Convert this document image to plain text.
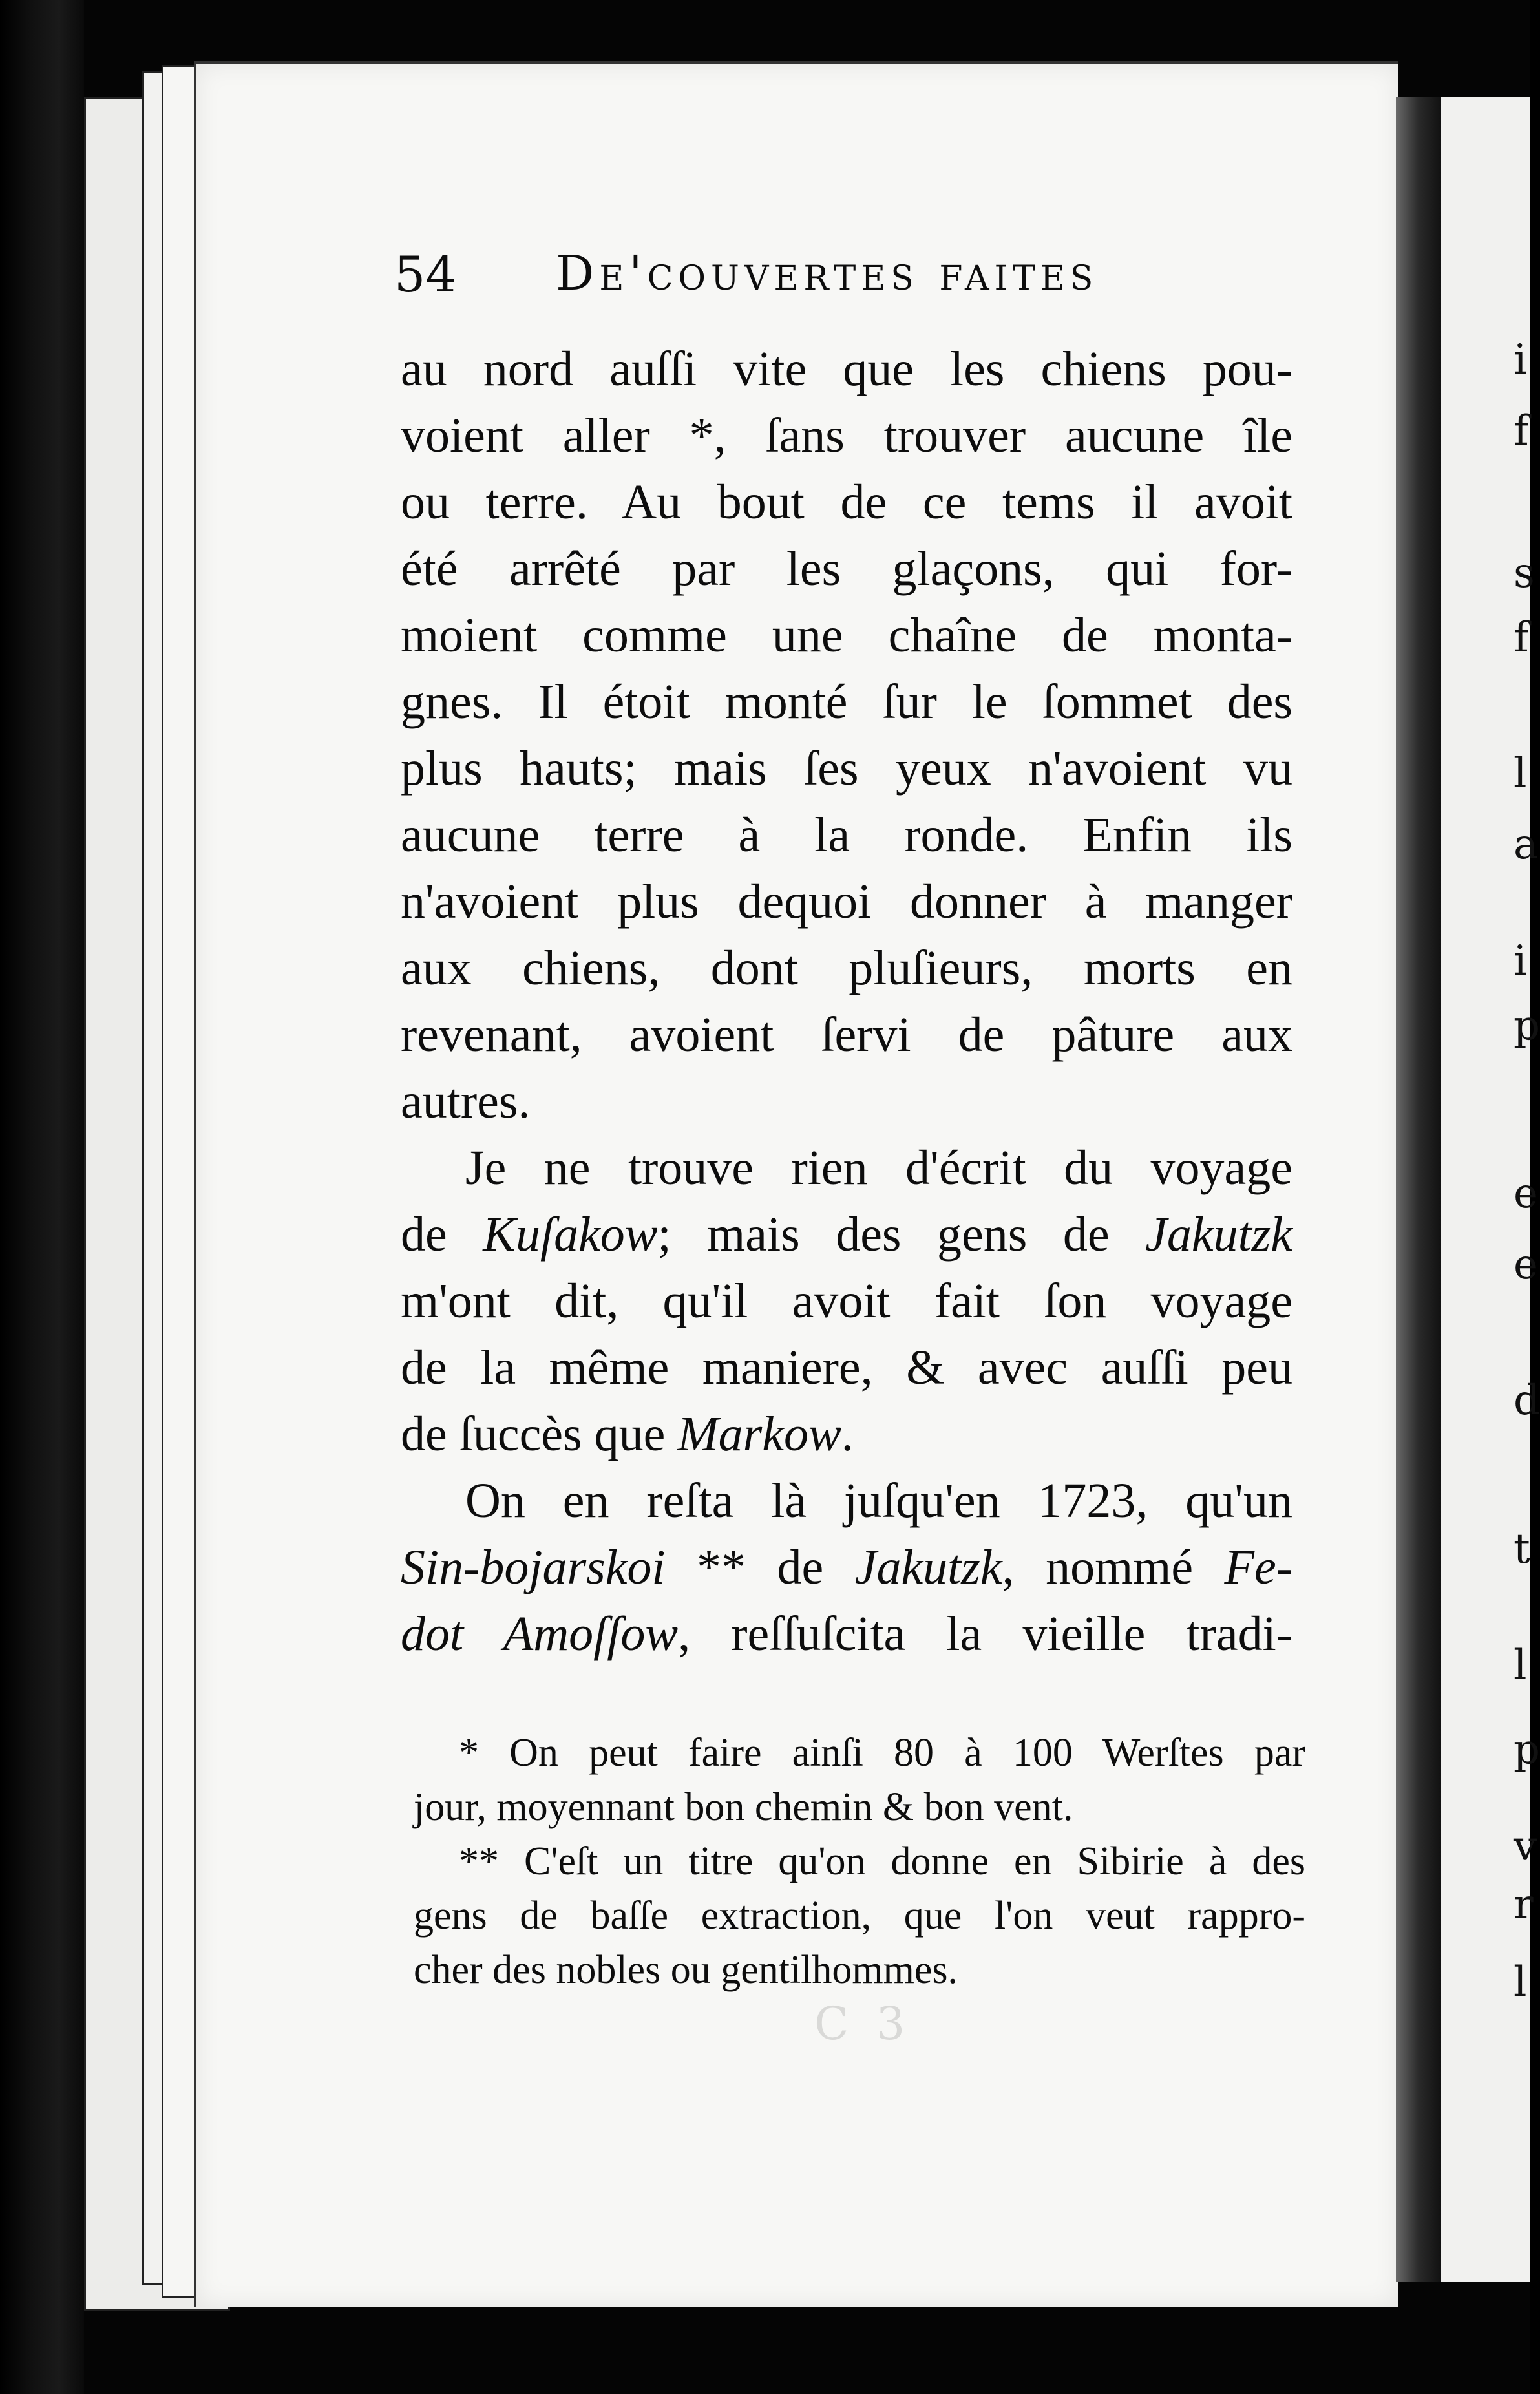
i
f
s
f
l
a
i
p
e
e
d
t
l
p
v
r
l
54 De'couvertes faites
au nord auſſi vite que les chiens pou-
voient aller *, ſans trouver aucune île
ou terre. Au bout de ce tems il avoit
été arrêté par les glaçons, qui for-
moient comme une chaîne de monta-
gnes. Il étoit monté ſur le ſommet des
plus hauts; mais ſes yeux n'avoient vu
aucune terre à la ronde. Enfin ils
n'avoient plus dequoi donner à manger
aux chiens, dont pluſieurs, morts en
revenant, avoient ſervi de pâture aux
autres.
Je ne trouve rien d'écrit du voyage
de Kuſakow; mais des gens de Jakutzk
m'ont dit, qu'il avoit fait ſon voyage
de la même maniere, & avec auſſi peu
de ſuccès que Markow.
On en reſta là juſqu'en 1723, qu'un
Sin-bojarskoi ** de Jakutzk, nommé Fe-
dot Amoſſow, reſſuſcita la vieille tradi-
* On peut faire ainſi 80 à 100 Werſtes par
jour, moyennant bon chemin & bon vent.
** C'eſt un titre qu'on donne en Sibirie à des
gens de baſſe extraction, que l'on veut rappro-
cher des nobles ou gentilhommes.
C 3
